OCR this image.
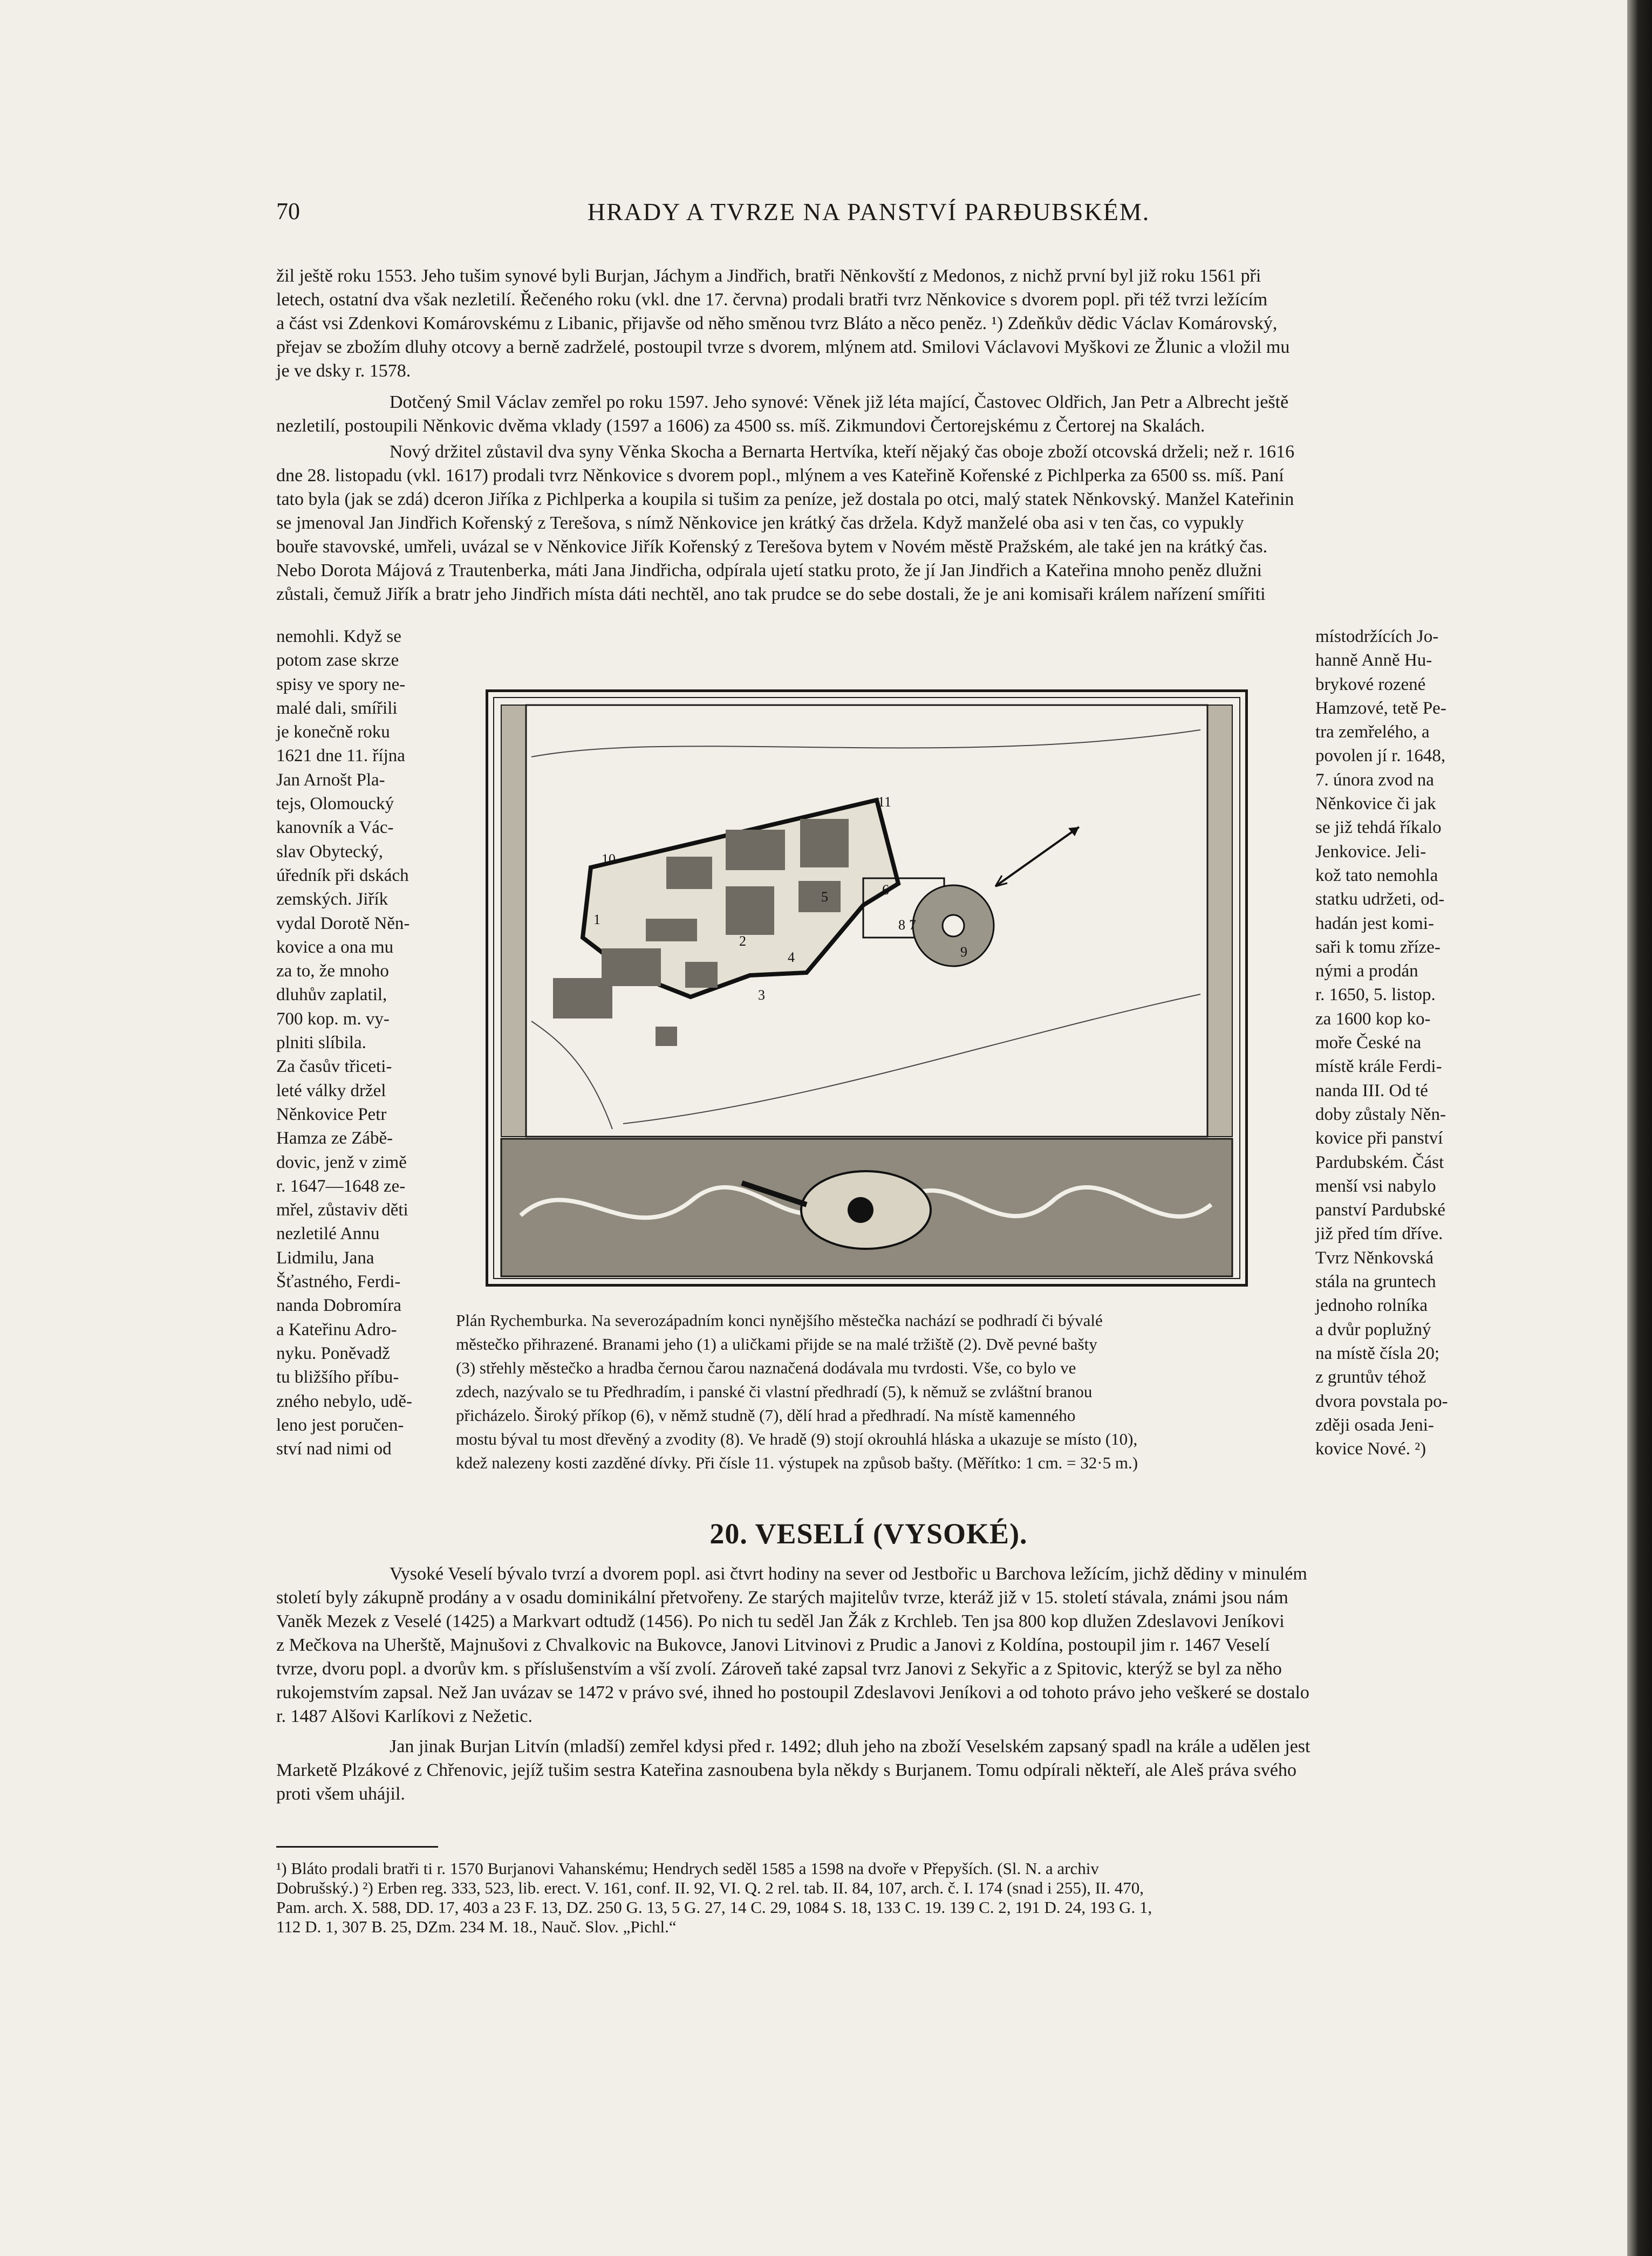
70	HRADY A TVRZE NA PANSTVÍ PARĐUBSKÉM.

žil ještě roku 1553. Jeho tušim synové byli Burjan, Jáchym a Jindřich, bratři Nĕnkovští z Medonos, z nichž první byl již roku 1561 při
letech, ostatní dva však nezletilí. Řečeného roku (vkl. dne 17. června) prodali bratři tvrz Něnkovice s dvorem popl. při též tvrzi ležícím
a část vsi Zdenkovi Komárovskému z Libanic, přijavše od něho směnou tvrz Bláto a něco peněz. ¹) Zdeňkův dědic Václav Komárovský,
přejav se zbožím dluhy otcovy a berně zadrželé, postoupil tvrze s dvorem, mlýnem atd. Smilovi Václavovi Myškovi ze Žlunic a vložil mu
je ve dsky r. 1578.

Dotčený Smil Václav zemřel po roku 1597. Jeho synové: Věnek již léta mající, Častovec Oldřich, Jan Petr a Albrecht ještě
nezletilí, postoupili Něnkovic dvěma vklady (1597 a 1606) za 4500 ss. míš. Zikmundovi Čertorejskému z Čertorej na Skalách.

Nový držitel zůstavil dva syny Věnka Skocha a Bernarta Hertvíka, kteří nějaký čas oboje zboží otcovská drželi; než r. 1616
dne 28. listopadu (vkl. 1617) prodali tvrz Něnkovice s dvorem popl., mlýnem a ves Kateřině Kořenské z Pichlperka za 6500 ss. míš. Paní
tato byla (jak se zdá) dceron Jiříka z Pichlperka a koupila si tušim za peníze, jež dostala po otci, malý statek Něnkovský. Manžel Kateřinin
se jmenoval Jan Jindřich Kořenský z Terešova, s nímž Něnkovice jen krátký čas držela. Když manželé oba asi v ten čas, co vypukly
bouře stavovské, umřeli, uvázal se v Něnkovice Jiřík Kořenský z Terešova bytem v Novém městě Pražském, ale také jen na krátký čas.
Nebo Dorota Májová z Trautenberka, máti Jana Jindřicha, odpírala ujetí statku proto, že jí Jan Jindřich a Kateřina mnoho peněz dlužni
zůstali, čemuž Jiřík a bratr jeho Jindřich místa dáti nechtěl, ano tak prudce se do sebe dostali, že je ani komisaři králem nařízení smířiti

nemohli. Když se
potom zase skrze
spisy ve spory ne-
malé dali, smířili
je konečně roku
1621 dne 11. října
Jan Arnošt Pla-
tejs, Olomoucký
kanovník a Vác-
slav Obytecký,
úředník při dskách
zemských. Jiřík
vydal Dorotě Něn-
kovice a ona mu
za to, že mnoho
dluhův zaplatil,
700 kop. m. vy-
plniti slíbila.
Za časův třiceti-
leté války držel
Něnkovice Petr
Hamza ze Zábě-
dovic, jenž v zimě
r. 1647—1648 ze-
mřel, zůstaviv děti
nezletilé Annu
Lidmilu, Jana
Šťastného, Ferdi-
nanda Dobromíra
a Kateřinu Adro-
nyku. Poněvadž
tu bližšího příbu-
zného nebylo, udě-
leno jest poručen-
ství nad nimi od

místodržících Jo-
hanně Anně Hu-
brykové rozené
Hamzové, tetě Pe-
tra zemřelého, a
povolen jí r. 1648,
7. února zvod na
Něnkovice či jak
se již tehdá říkalo
Jenkovice. Jeli-
kož tato nemohla
statku udržeti, od-
hadán jest komi-
saři k tomu zřízе-
nými a prodán
r. 1650, 5. listop.
za 1600 kop ko-
mořе České na
místě krále Ferdi-
nanda III. Od té
doby zůstaly Něn-
kovice při panství
Pardubském. Část
menší vsi nabylo
panství Pardubské
již před tím dříve.
Tvrz Něnkovská
stála na gruntech
jednoho rolníka
a dvůr poplužný
na místě čísla 20;
z gruntův téhož
dvora povstala po-
zději osada Jeni-
kovice Nové. ²)

1
2
3
4
5	6
7
8
9
10
11

Plán Rychemburka. Na severozápadním konci nynějšího městečka nachází se podhradí či bývalé
městečko přihrazené. Branami jeho (1) a uličkami přijde se na malé tržiště (2). Dvě pevné bašty
(3) střehly městečko a hradba černou čarou naznačená dodávala mu tvrdosti. Vše, co bylo ve
zdech, nazývalo se tu Předhradím, i panské či vlastní předhradí (5), k němuž se zvláštní branou
přicházelo. Široký příkop (6), v němž studně (7), dělí hrad a předhradí. Na místě kamenného
mostu býval tu most dřevěný a zvodity (8). Ve hradě (9) stojí okrouhlá hláska a ukazuje se místo (10),
kdež nalezeny kosti zazděné dívky. Při čísle 11. výstupek na způsob bašty. (Měřítko: 1 cm. = 32·5 m.)

20. VESELÍ (VYSOKÉ).

Vysoké Veselí bývalo tvrzí a dvorem popl. asi čtvrt hodiny na sever od Jestbořic u Barchova ležícím, jichž dědiny v minulém
století byly zákupně prodány a v osadu dominikální přetvořeny. Ze starých majitelův tvrze, kteráž již v 15. století stávala, známi jsou nám
Vaněk Mezek z Veselé (1425) a Markvart odtudž (1456). Po nich tu seděl Jan Žák z Krchleb. Ten jsa 800 kop dlužen Zdeslavovi Jeníkovi
z Mečkova na Uherště, Majnušovi z Chvalkovic na Bukovce, Janovi Litvinovi z Prudic a Janovi z Koldína, postoupil jim r. 1467 Veselí
tvrze, dvoru popl. a dvorův km. s příslušenstvím a vší zvolí. Zároveň také zapsal tvrz Janovi z Sekyřic a z Spitovic, kterýž se byl za něho
rukojemstvím zapsal. Než Jan uvázav se 1472 v právo své, ihned ho postoupil Zdeslavovi Jeníkovi a od tohoto právo jeho veškeré se dostalo
r. 1487 Alšovi Karlíkovi z Nežetic.

Jan jinak Burjan Litvín (mladší) zemřel kdysi před r. 1492; dluh jeho na zboží Veselském zapsaný spadl na krále a udělen jest
Marketě Plzákové z Chřenovic, jejíž tušim sestra Kateřina zasnoubena byla někdy s Burjanem. Tomu odpírali někteří, ale Aleš práva svého
proti všem uhájil.

¹) Bláto prodali bratři ti r. 1570 Burjanovi Vahanskému; Hendrych seděl 1585 a 1598 na dvoře v Přepyších. (Sl. N. a archiv
Dobrušský.) ²) Erben reg. 333, 523, lib. erect. V. 161, conf. II. 92, VI. Q. 2 rel. tab. II. 84, 107, arch. č. I. 174 (snad i 255), II. 470,
Pam. arch. X. 588, DD. 17, 403 a 23 F. 13, DZ. 250 G. 13, 5 G. 27, 14 C. 29, 1084 S. 18, 133 C. 19. 139 C. 2, 191 D. 24, 193 G. 1,
112 D. 1, 307 B. 25, DZm. 234 M. 18., Nauč. Slov. „Pichl.“
